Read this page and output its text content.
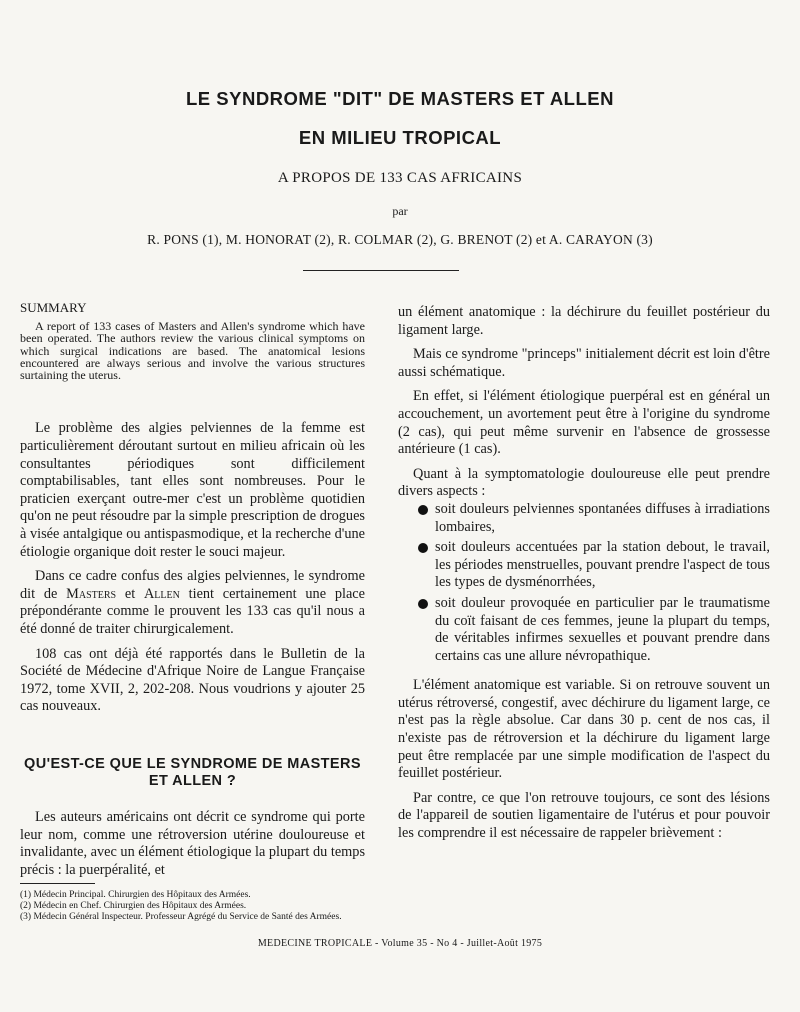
LE SYNDROME "DIT" DE MASTERS ET ALLEN
EN MILIEU TROPICAL
A PROPOS DE 133 CAS AFRICAINS
par
R. PONS (1), M. HONORAT (2), R. COLMAR (2), G. BRENOT (2) et A. CARAYON (3)
SUMMARY
A report of 133 cases of Masters and Allen's syndrome which have been operated. The authors review the various clinical symptoms on which surgical indications are based. The anatomical lesions encountered are always serious and involve the various structures surtaining the uterus.

Le problème des algies pelviennes de la femme est particulièrement déroutant surtout en milieu africain où les consultantes périodiques sont difficilement comptabilisables, tant elles sont nombreuses. Pour le praticien exerçant outre-mer c'est un problème quotidien qu'on ne peut résoudre par la simple prescription de drogues à visée antalgique ou antispasmodique, et la recherche d'une étiologie organique doit rester le souci majeur.

Dans ce cadre confus des algies pelviennes, le syndrome dit de Masters et Allen tient certainement une place prépondérante comme le prouvent les 133 cas qu'il nous a été donné de traiter chirurgicalement.

108 cas ont déjà été rapportés dans le Bulletin de la Société de Médecine d'Afrique Noire de Langue Française 1972, tome XVII, 2, 202-208. Nous voudrions y ajouter 25 cas nouveaux.

QU'EST-CE QUE LE SYNDROME DE MASTERS
ET ALLEN ?

Les auteurs américains ont décrit ce syndrome qui porte leur nom, comme une rétroversion utérine douloureuse et invalidante, avec un élément étiologique la plupart du temps précis : la puerpéralité, et

un élément anatomique : la déchirure du feuillet postérieur du ligament large.

Mais ce syndrome "princeps" initialement décrit est loin d'être aussi schématique.

En effet, si l'élément étiologique puerpéral est en général un accouchement, un avortement peut être à l'origine du syndrome (2 cas), qui peut même survenir en l'absence de grossesse antérieure (1 cas).

Quant à la symptomatologie douloureuse elle peut prendre divers aspects :

soit douleurs pelviennes spontanées diffuses à irradiations lombaires,
soit douleurs accentuées par la station debout, le travail, les périodes menstruelles, pouvant prendre l'aspect de tous les types de dysménorrhées,
soit douleur provoquée en particulier par le traumatisme du coït faisant de ces femmes, jeune la plupart du temps, de véritables infirmes sexuelles et pouvant prendre dans certains cas une allure névropathique.

L'élément anatomique est variable. Si on retrouve souvent un utérus rétroversé, congestif, avec déchirure du ligament large, ce n'est pas la règle absolue. Car dans 30 p. cent de nos cas, il n'existe pas de rétroversion et la déchirure du ligament large peut être remplacée par une simple modification de l'aspect du feuillet postérieur.

Par contre, ce que l'on retrouve toujours, ce sont des lésions de l'appareil de soutien ligamentaire de l'utérus et pour pouvoir les comprendre il est nécessaire de rappeler brièvement :

(1) Médecin Principal. Chirurgien des Hôpitaux des Armées.
(2) Médecin en Chef. Chirurgien des Hôpitaux des Armées.
(3) Médecin Général Inspecteur. Professeur Agrégé du Service de Santé des Armées.
MEDECINE TROPICALE - Volume 35 - No 4 - Juillet-Août 1975
